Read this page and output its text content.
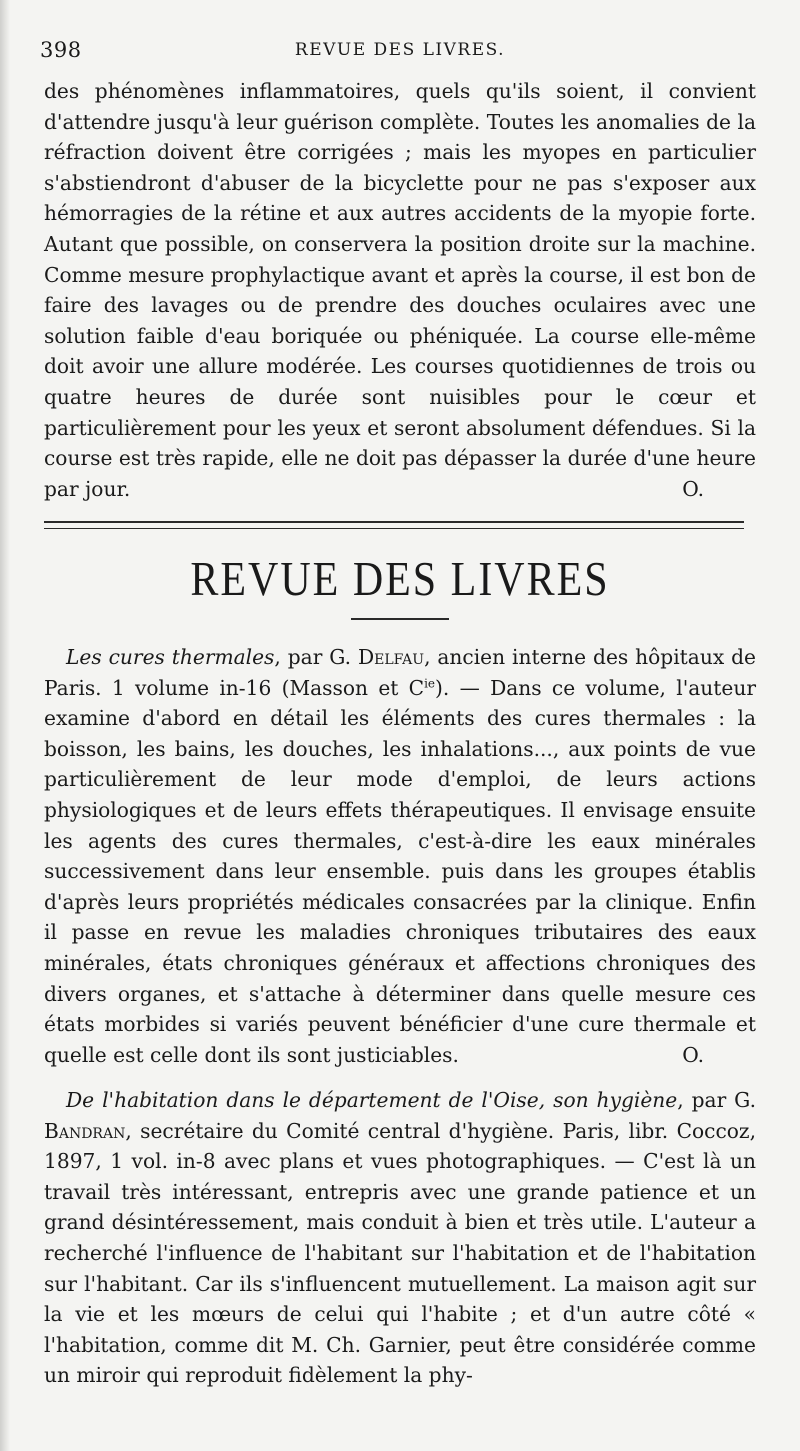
398	REVUE DES LIVRES.

des phénomènes inflammatoires, quels qu'ils soient, il convient d'attendre jusqu'à leur guérison complète. Toutes les anomalies de la réfraction doivent être corrigées ; mais les myopes en particulier s'abstiendront d'abuser de la bicyclette pour ne pas s'exposer aux hémorragies de la rétine et aux autres accidents de la myopie forte. Autant que possible, on conservera la position droite sur la machine. Comme mesure prophylactique avant et après la course, il est bon de faire des lavages ou de prendre des douches oculaires avec une solution faible d'eau boriquée ou phéniquée. La course elle-même doit avoir une allure modérée. Les courses quotidiennes de trois ou quatre heures de durée sont nuisibles pour le cœur et particulièrement pour les yeux et seront absolument défendues. Si la course est très rapide, elle ne doit pas dépasser la durée d'une heure par jour.	O.

REVUE DES LIVRES

Les cures thermales, par G. Delfau, ancien interne des hôpitaux de Paris. 1 volume in-16 (Masson et $C^{ie}$). — Dans ce volume, l'auteur examine d'abord en détail les éléments des cures thermales : la boisson, les bains, les douches, les inhalations..., aux points de vue particulièrement de leur mode d'emploi, de leurs actions physiologiques et de leurs effets thérapeutiques. Il envisage ensuite les agents des cures thermales, c'est-à-dire les eaux minérales successivement dans leur ensemble. puis dans les groupes établis d'après leurs propriétés médicales consacrées par la clinique. Enfin il passe en revue les maladies chroniques tributaires des eaux minérales, états chroniques généraux et affections chroniques des divers organes, et s'attache à déterminer dans quelle mesure ces états morbides si variés peuvent bénéficier d'une cure thermale et quelle est celle dont ils sont justiciables.	O.

De l'habitation dans le département de l'Oise, son hygiène, par G. Bandran, secrétaire du Comité central d'hygiène. Paris, libr. Coccoz, 1897, 1 vol. in-8 avec plans et vues photographiques. — C'est là un travail très intéressant, entrepris avec une grande patience et un grand désintéressement, mais conduit à bien et très utile. L'auteur a recherché l'influence de l'habitant sur l'habitation et de l'habitation sur l'habitant. Car ils s'influencent mutuellement. La maison agit sur la vie et les mœurs de celui qui l'habite ; et d'un autre côté « l'habitation, comme dit M. Ch. Garnier, peut être considérée comme un miroir qui reproduit fidèlement la phy-
